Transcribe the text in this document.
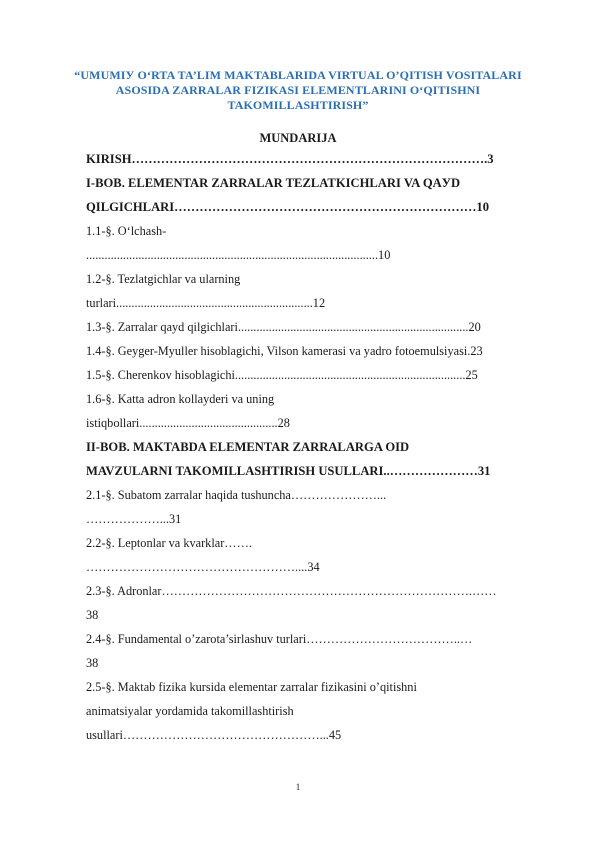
“UMUMIУ O‘RTA TA’LIM MAKTABLARIDA VIRTUAL O’QITISH VOSITALARI ASOSIDA ZARRALAR FIZIKASI ELEMENTLARINI O‘QITISHNI TAKOMILLASHTIRISH”
MUNDARIJA
KIRISH………………………………………………………………………….3
I-BOB. ELEMENTAR ZARRALAR TEZLATKICHLARI VA QAУD
QILGICHLARI………………………………………………………………10
1.1-§. O‘lchash-
...............................................................................................10
1.2-§. Tezlatgichlar va ularning
turlari................................................................12
1.3-§. Zarralar qayd qilgichlari...........................................................................20
1.4-§. Geyger-Myuller hisoblagichi, Vilson kamerasi va yadro fotoemulsiyasi.23
1.5-§. Cherenkov hisoblagichi...........................................................................25
1.6-§. Katta adron kollayderi va uning
istiqbollari.............................................28
II-BOB. MAKTABDA ELEMENTAR ZARRALARGA OID
MAVZULARNI TAKOMILLASHTIRISH USULLARI..…………………31
2.1-§. Subatom zarralar haqida tushuncha…………………...
………………...31
2.2-§. Leptonlar va kvarklar…….
……………………………………………....34
2.3-§. Adronlar………………………………………………………………….……
38
2.4-§. Fundamental o’zarota’sirlashuv turlari………………………………..…
38
2.5-§. Maktab fizika kursida elementar zarralar fizikasini o’qitishni
animatsiyalar yordamida takomillashtirish
usullari…………………………………………...45
1
